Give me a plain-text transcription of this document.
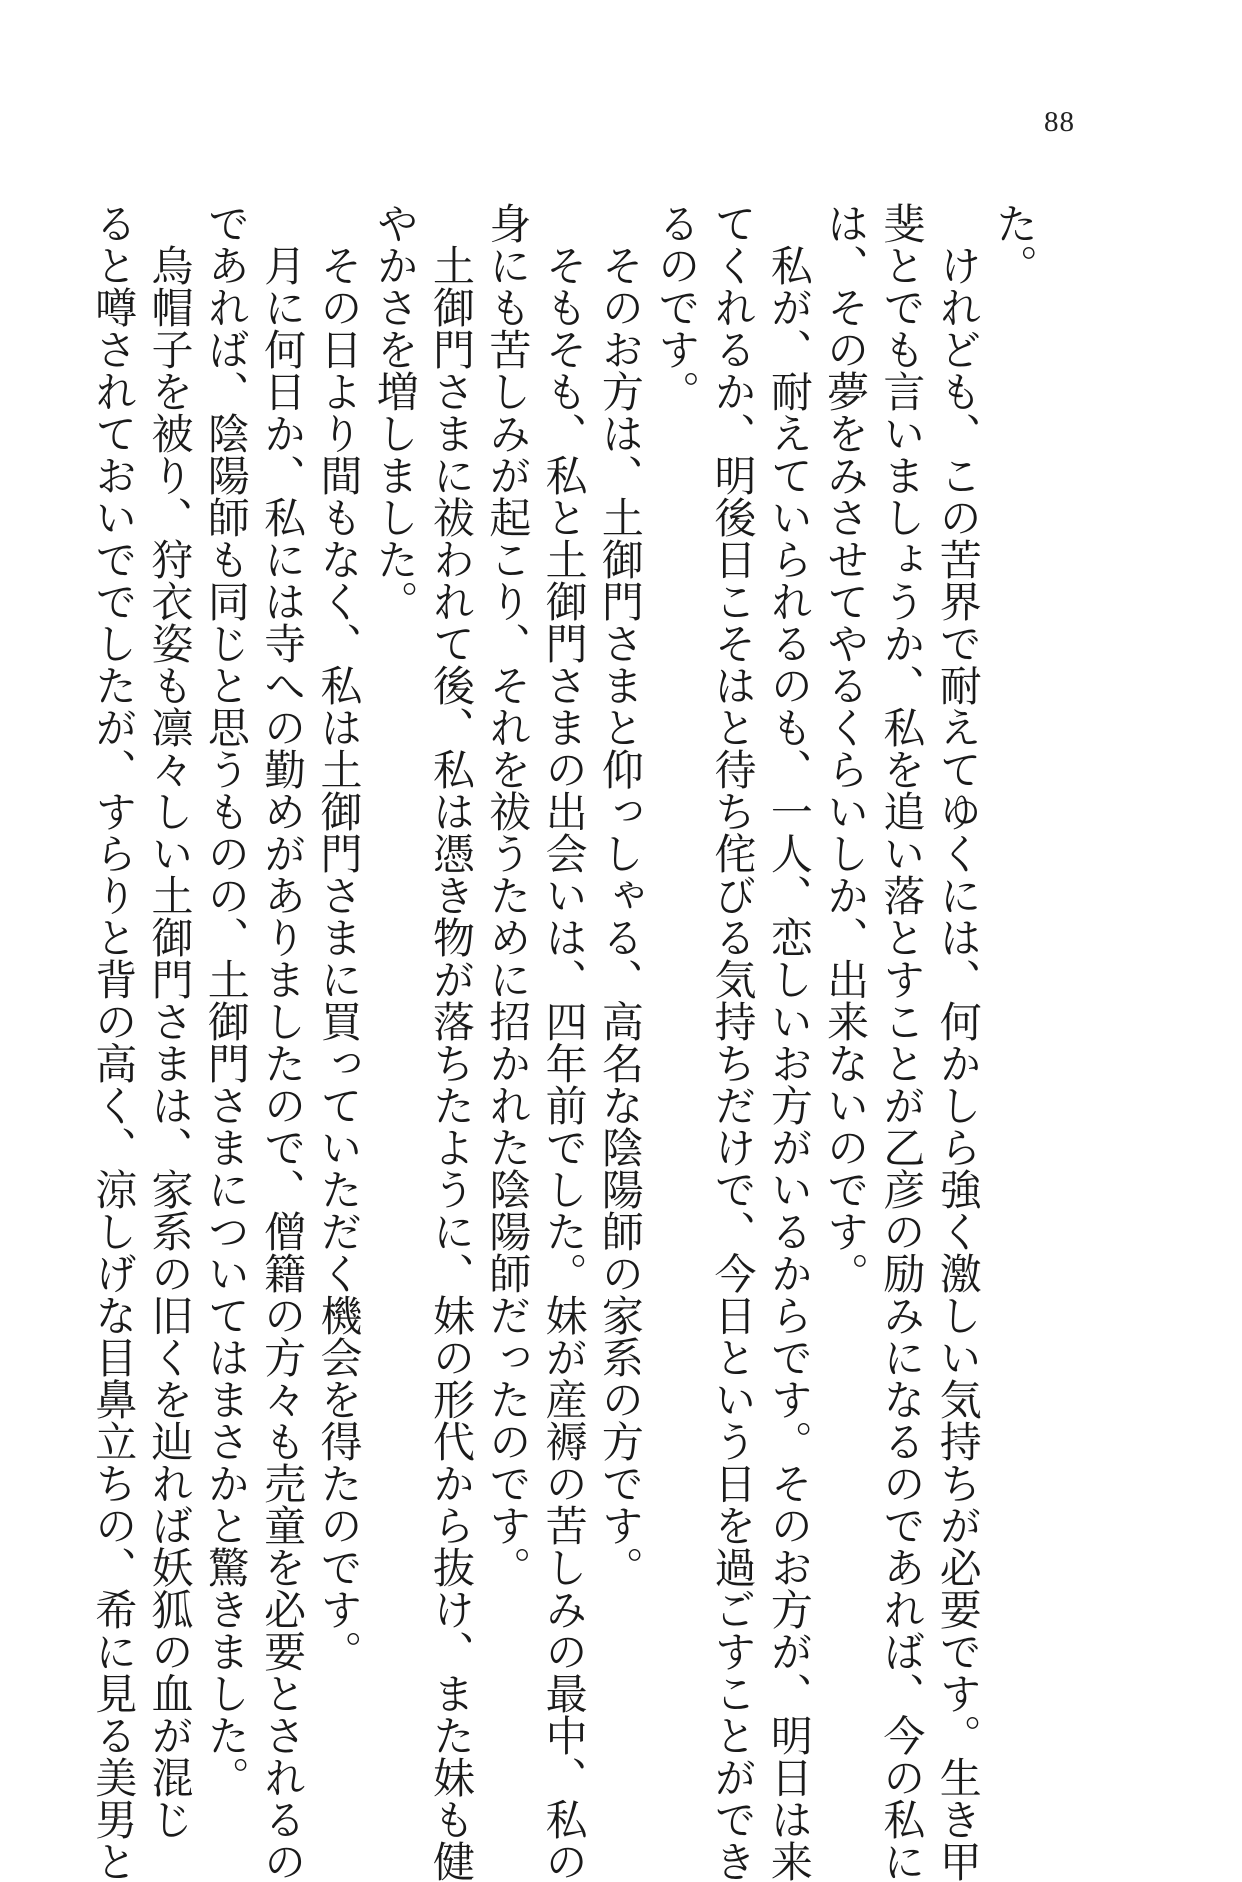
88
た。
けれども、この苦界で耐えてゆくには、何かしら強く激しい気持ちが必要です。生き甲
斐とでも言いましょうか、私を追い落とすことが乙彦の励みになるのであれば、今の私に
は、その夢をみさせてやるくらいしか、出来ないのです。
私が、耐えていられるのも、一人、恋しいお方がいるからです。そのお方が、明日は来
てくれるか、明後日こそはと待ち侘びる気持ちだけで、今日という日を過ごすことができ
るのです。
そのお方は、土御門さまと仰っしゃる、高名な陰陽師の家系の方です。
そもそも、私と土御門さまの出会いは、四年前でした。妹が産褥の苦しみの最中、私の
身にも苦しみが起こり、それを祓うために招かれた陰陽師だったのです。
土御門さまに祓われて後、私は憑き物が落ちたように、妹の形代から抜け、また妹も健
やかさを増しました。
その日より間もなく、私は土御門さまに買っていただく機会を得たのです。
月に何日か、私には寺への勤めがありましたので、僧籍の方々も売童を必要とされるの
であれば、陰陽師も同じと思うものの、土御門さまについてはまさかと驚きました。
烏帽子を被り、狩衣姿も凛々しい土御門さまは、家系の旧くを辿れば妖狐の血が混じ
ると噂されておいででしたが、すらりと背の高く、涼しげな目鼻立ちの、希に見る美男と
